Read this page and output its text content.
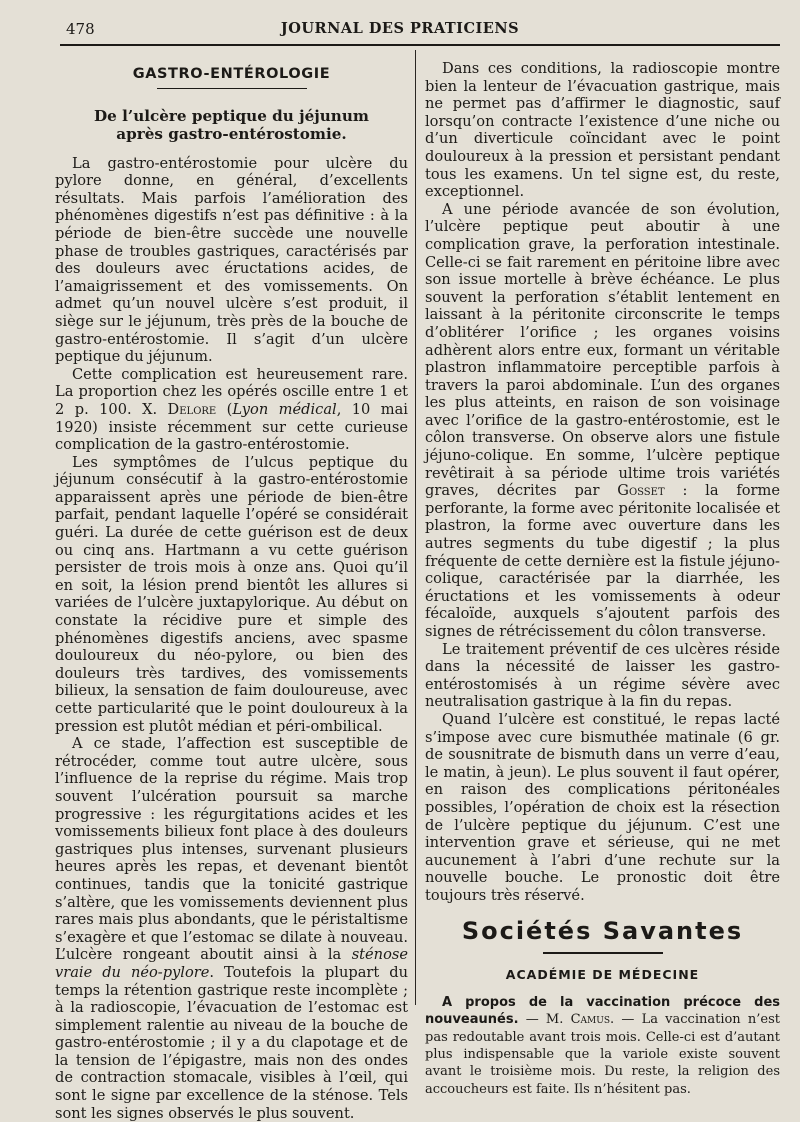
478	JOURNAL DES PRATICIENS
GASTRO-ENTÉROLOGIE
De l’ulcère peptique du jéjunum
après gastro-entérostomie.

La gastro-entérostomie pour ulcère du pylore donne, en général, d’excellents résultats. Mais parfois l’amélioration des phénomènes digestifs n’est pas définitive : à la période de bien-être succède une nouvelle phase de troubles gastriques, caractérisés par des douleurs avec éructations acides, de l’amaigrissement et des vomissements. On admet qu’un nouvel ulcère s’est produit, il siège sur le jéjunum, très près de la bouche de gastro-entérostomie. Il s’agit d’un ulcère peptique du jéjunum.

Cette complication est heureusement rare. La proportion chez les opérés oscille entre 1 et 2 p. 100. X. Delore (Lyon médical, 10 mai 1920) insiste récemment sur cette curieuse complication de la gastro-entérostomie.

Les symptômes de l’ulcus peptique du jéjunum consécutif à la gastro-entérostomie apparaissent après une période de bien-être parfait, pendant laquelle l’opéré se considérait guéri. La durée de cette guérison est de deux ou cinq ans. Hartmann a vu cette guérison persister de trois mois à onze ans. Quoi qu’il en soit, la lésion prend bientôt les allures si variées de l’ulcère juxtapylorique. Au début on constate la récidive pure et simple des phénomènes digestifs anciens, avec spasme douloureux du néo-pylore, ou bien des douleurs très tardives, des vomissements bilieux, la sensation de faim douloureuse, avec cette particularité que le point douloureux à la pression est plutôt médian et péri-ombilical.

A ce stade, l’affection est susceptible de rétrocéder, comme tout autre ulcère, sous l’influence de la reprise du régime. Mais trop souvent l’ulcération poursuit sa marche progressive : les régurgitations acides et les vomissements bilieux font place à des douleurs gastriques plus intenses, survenant plusieurs heures après les repas, et devenant bientôt continues, tandis que la tonicité gastrique s’altère, que les vomissements deviennent plus rares mais plus abondants, que le péristaltisme s’exagère et que l’estomac se dilate à nouveau. L’ulcère rongeant aboutit ainsi à la sténose vraie du néo-pylore. Toutefois la plupart du temps la rétention gastrique reste incomplète ; à la radioscopie, l’évacuation de l’estomac est simplement ralentie au niveau de la bouche de gastro-entérostomie ; il y a du clapotage et de la tension de l’épigastre, mais non des ondes de contraction stomacale, visibles à l’œil, qui sont le signe par excellence de la sténose. Tels sont les signes observés le plus souvent.

Dans ces conditions, la radioscopie montre bien la lenteur de l’évacuation gastrique, mais ne permet pas d’affirmer le diagnostic, sauf lorsqu’on contracte l’existence d’une niche ou d’un diverticule coïncidant avec le point douloureux à la pression et persistant pendant tous les examens. Un tel signe est, du reste, exceptionnel.

A une période avancée de son évolution, l’ulcère peptique peut aboutir à une complication grave, la perforation intestinale. Celle-ci se fait rarement en péritoine libre avec son issue mortelle à brève échéance. Le plus souvent la perforation s’établit lentement en laissant à la péritonite circonscrite le temps d’oblitérer l’orifice ; les organes voisins adhèrent alors entre eux, formant un véritable plastron inflammatoire perceptible parfois à travers la paroi abdominale. L’un des organes les plus atteints, en raison de son voisinage avec l’orifice de la gastro-entérostomie, est le côlon transverse. On observe alors une fistule jéjuno-colique. En somme, l’ulcère peptique revêtirait à sa période ultime trois variétés graves, décrites par Gosset : la forme perforante, la forme avec péritonite localisée et plastron, la forme avec ouverture dans les autres segments du tube digestif ; la plus fréquente de cette dernière est la fistule jéjuno-colique, caractérisée par la diarrhée, les éructations et les vomissements à odeur fécaloïde, auxquels s’ajoutent parfois des signes de rétrécissement du côlon transverse.

Le traitement préventif de ces ulcères réside dans la nécessité de laisser les gastro-entérostomisés à un régime sévère avec neutralisation gastrique à la fin du repas.

Quand l’ulcère est constitué, le repas lacté s’impose avec cure bismuthée matinale (6 gr. de sousnitrate de bismuth dans un verre d’eau, le matin, à jeun). Le plus souvent il faut opérer, en raison des complications péritonéales possibles, l’opération de choix est la résection de l’ulcère peptique du jéjunum. C’est une intervention grave et sérieuse, qui ne met aucunement à l’abri d’une rechute sur la nouvelle bouche. Le pronostic doit être toujours très réservé.

Sociétés Savantes
ACADÉMIE DE MÉDECINE

A propos de la vaccination précoce des nouveaunés. — M. Camus. — La vaccination n’est pas redoutable avant trois mois. Celle-ci est d’autant plus indispensable que la variole existe souvent avant le troisième mois. Du reste, la religion des accoucheurs est faite. Ils n’hésitent pas.
